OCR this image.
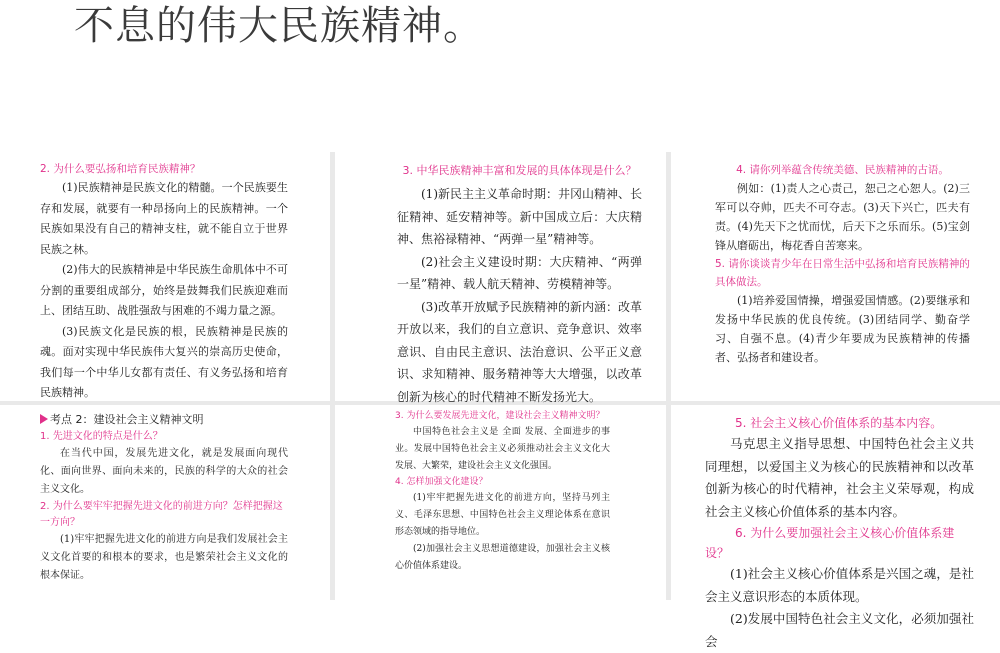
不息的伟大民族精神。

2. 为什么要弘扬和培育民族精神？

(1)民族精神是民族文化的精髓。一个民族要生存和发展，就要有一种昂扬向上的民族精神。一个民族如果没有自己的精神支柱，就不能自立于世界民族之林。

(2)伟大的民族精神是中华民族生命肌体中不可分割的重要组成部分，始终是鼓舞我们民族迎难而上、团结互助、战胜强敌与困难的不竭力量之源。

(3)民族文化是民族的根，民族精神是民族的魂。面对实现中华民族伟大复兴的崇高历史使命，我们每一个中华儿女都有责任、有义务弘扬和培育民族精神。

3. 中华民族精神丰富和发展的具体体现是什么？

(1)新民主主义革命时期：井冈山精神、长征精神、延安精神等。新中国成立后：大庆精神、焦裕禄精神、“两弹一星”精神等。

(2)社会主义建设时期：大庆精神、“两弹一星”精神、载人航天精神、劳模精神等。

(3)改革开放赋予民族精神的新内涵：改革开放以来，我们的自立意识、竞争意识、效率意识、自由民主意识、法治意识、公平正义意识、求知精神、服务精神等大大增强，以改革创新为核心的时代精神不断发扬光大。

4. 请你列举蕴含传统美德、民族精神的古语。

例如：(1)责人之心责己，恕己之心恕人。(2)三军可以夺帅，匹夫不可夺志。(3)天下兴亡，匹夫有责。(4)先天下之忧而忧，后天下之乐而乐。(5)宝剑锋从磨砺出，梅花香自苦寒来。

5. 请你谈谈青少年在日常生活中弘扬和培育民族精神的具体做法。

(1)培养爱国情操，增强爱国情感。(2)要继承和发扬中华民族的优良传统。(3)团结同学、勤奋学习、自强不息。(4)青少年要成为民族精神的传播者、弘扬者和建设者。

考点 2：建设社会主义精神文明

1. 先进文化的特点是什么？

在当代中国，发展先进文化，就是发展面向现代化、面向世界、面向未来的，民族的科学的大众的社会主义文化。

2. 为什么要牢牢把握先进文化的前进方向？怎样把握这一方向？

(1)牢牢把握先进文化的前进方向是我们发展社会主义文化首要的和根本的要求，也是繁荣社会主义文化的根本保证。

3. 为什么要发展先进文化，建设社会主义精神文明？

中国特色社会主义是 全面 发展、全面进步的事业。发展中国特色社会主义必须推动社会主义文化大发展、大繁荣，建设社会主义文化强国。

4. 怎样加强文化建设？

(1)牢牢把握先进文化的前进方向，坚持马列主义、毛泽东思想、中国特色社会主义理论体系在意识形态领域的指导地位。

(2)加强社会主义思想道德建设，加强社会主义核心价值体系建设。

5. 社会主义核心价值体系的基本内容。

马克思主义指导思想、中国特色社会主义共同理想，以爱国主义为核心的民族精神和以改革创新为核心的时代精神，社会主义荣辱观，构成社会主义核心价值体系的基本内容。

6. 为什么要加强社会主义核心价值体系建设？

(1)社会主义核心价值体系是兴国之魂，是社会主义意识形态的本质体现。

(2)发展中国特色社会主义文化，必须加强社会
